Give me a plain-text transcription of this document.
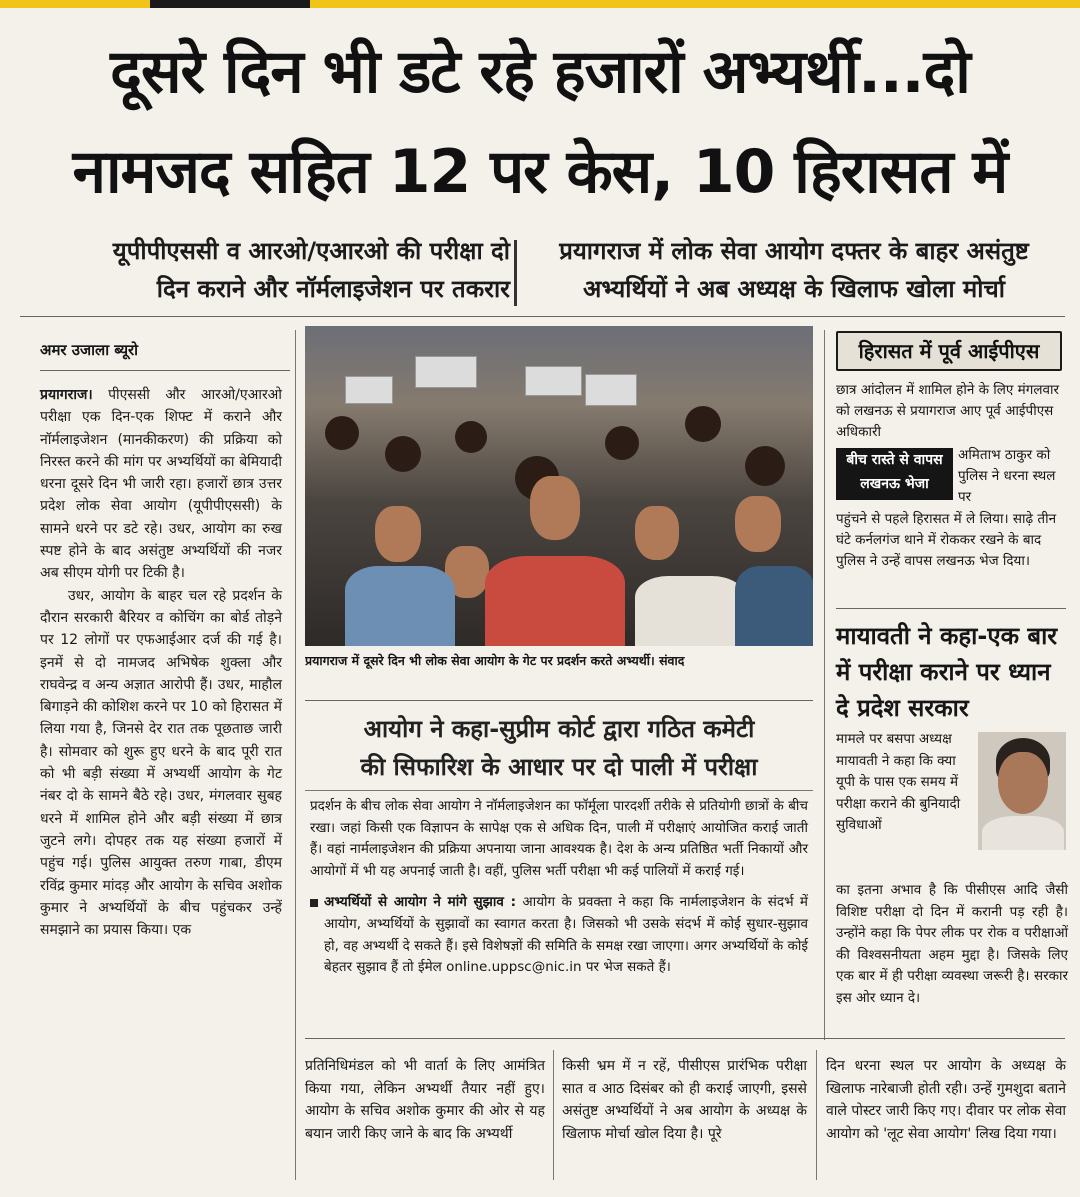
दूसरे दिन भी डटे रहे हजारों अभ्यर्थी...दो
नामजद सहित 12 पर केस, 10 हिरासत में
यूपीपीएससी व आरओ/एआरओ की परीक्षा दो
दिन कराने और नॉर्मलाइजेशन पर तकरार
प्रयागराज में लोक सेवा आयोग दफ्तर के बाहर असंतुष्ट
अभ्यर्थियों ने अब अध्यक्ष के खिलाफ खोला मोर्चा
अमर उजाला ब्यूरो

प्रयागराज। पीएससी और आरओ/एआरओ परीक्षा एक दिन-एक शिफ्ट में कराने और नॉर्मलाइजेशन (मानकीकरण) की प्रक्रिया को निरस्त करने की मांग पर अभ्यर्थियों का बेमियादी धरना दूसरे दिन भी जारी रहा। हजारों छात्र उत्तर प्रदेश लोक सेवा आयोग (यूपीपीएससी) के सामने धरने पर डटे रहे। उधर, आयोग का रुख स्पष्ट होने के बाद असंतुष्ट अभ्यर्थियों की नजर अब सीएम योगी पर टिकी है।

उधर, आयोग के बाहर चल रहे प्रदर्शन के दौरान सरकारी बैरियर व कोचिंग का बोर्ड तोड़ने पर 12 लोगों पर एफआईआर दर्ज की गई है। इनमें से दो नामजद अभिषेक शुक्ला और राघवेन्द्र व अन्य अज्ञात आरोपी हैं। उधर, माहौल बिगाड़ने की कोशिश करने पर 10 को हिरासत में लिया गया है, जिनसे देर रात तक पूछताछ जारी है। सोमवार को शुरू हुए धरने के बाद पूरी रात को भी बड़ी संख्या में अभ्यर्थी आयोग के गेट नंबर दो के सामने बैठे रहे। उधर, मंगलवार सुबह धरने में शामिल होने और बड़ी संख्या में छात्र जुटने लगे। दोपहर तक यह संख्या हजारों में पहुंच गई। पुलिस आयुक्त तरुण गाबा, डीएम रविंद्र कुमार मांदड़ और आयोग के सचिव अशोक कुमार ने अभ्यर्थियों के बीच पहुंचकर उन्हें समझाने का प्रयास किया। एक

प्रयागराज में दूसरे दिन भी लोक सेवा आयोग के गेट पर प्रदर्शन करते अभ्यर्थी। संवाद
आयोग ने कहा-सुप्रीम कोर्ट द्वारा गठित कमेटी
की सिफारिश के आधार पर दो पाली में परीक्षा

प्रदर्शन के बीच लोक सेवा आयोग ने नॉर्मलाइजेशन का फॉर्मूला पारदर्शी तरीके से प्रतियोगी छात्रों के बीच रखा। जहां किसी एक विज्ञापन के सापेक्ष एक से अधिक दिन, पाली में परीक्षाएं आयोजित कराई जाती हैं। वहां नार्मलाइजेशन की प्रक्रिया अपनाया जाना आवश्यक है। देश के अन्य प्रतिष्ठित भर्ती निकायों और आयोगों में भी यह अपनाई जाती है। वहीं, पुलिस भर्ती परीक्षा भी कई पालियों में कराई गई।

अभ्यर्थियों से आयोग ने मांगे सुझाव : आयोग के प्रवक्ता ने कहा कि नार्मलाइजेशन के संदर्भ में आयोग, अभ्यर्थियों के सुझावों का स्वागत करता है। जिसको भी उसके संदर्भ में कोई सुधार-सुझाव हो, वह अभ्यर्थी दे सकते हैं। इसे विशेषज्ञों की समिति के समक्ष रखा जाएगा। अगर अभ्यर्थियों के कोई बेहतर सुझाव हैं तो ईमेल online.uppsc@nic.in पर भेज सकते हैं।

हिरासत में पूर्व आईपीएस
छात्र आंदोलन में शामिल होने के लिए मंगलवार को लखनऊ से प्रयागराज आए पूर्व आईपीएस अधिकारी
बीच रास्ते से वापस
लखनऊ भेजा
अमिताभ ठाकुर को पुलिस ने धरना स्थल पर
पहुंचने से पहले हिरासत में ले लिया। साढ़े तीन घंटे कर्नलगंज थाने में रोककर रखने के बाद पुलिस ने उन्हें वापस लखनऊ भेज दिया।
मायावती ने कहा-एक बार में परीक्षा कराने पर ध्यान दे प्रदेश सरकार
मामले पर बसपा अध्यक्ष मायावती ने कहा कि क्या यूपी के पास एक समय में परीक्षा कराने की बुनियादी सुविधाओं
का इतना अभाव है कि पीसीएस आदि जैसी विशिष्ट परीक्षा दो दिन में करानी पड़ रही है। उन्होंने कहा कि पेपर लीक पर रोक व परीक्षाओं की विश्वसनीयता अहम मुद्दा है। जिसके लिए एक बार में ही परीक्षा व्यवस्था जरूरी है। सरकार इस ओर ध्यान दे।
प्रतिनिधिमंडल को भी वार्ता के लिए आमंत्रित किया गया, लेकिन अभ्यर्थी तैयार नहीं हुए। आयोग के सचिव अशोक कुमार की ओर से यह बयान जारी किए जाने के बाद कि अभ्यर्थी
किसी भ्रम में न रहें, पीसीएस प्रारंभिक परीक्षा सात व आठ दिसंबर को ही कराई जाएगी, इससे असंतुष्ट अभ्यर्थियों ने अब आयोग के अध्यक्ष के खिलाफ मोर्चा खोल दिया है। पूरे
दिन धरना स्थल पर आयोग के अध्यक्ष के खिलाफ नारेबाजी होती रही। उन्हें गुमशुदा बताने वाले पोस्टर जारी किए गए। दीवार पर लोक सेवा आयोग को 'लूट सेवा आयोग' लिख दिया गया।
